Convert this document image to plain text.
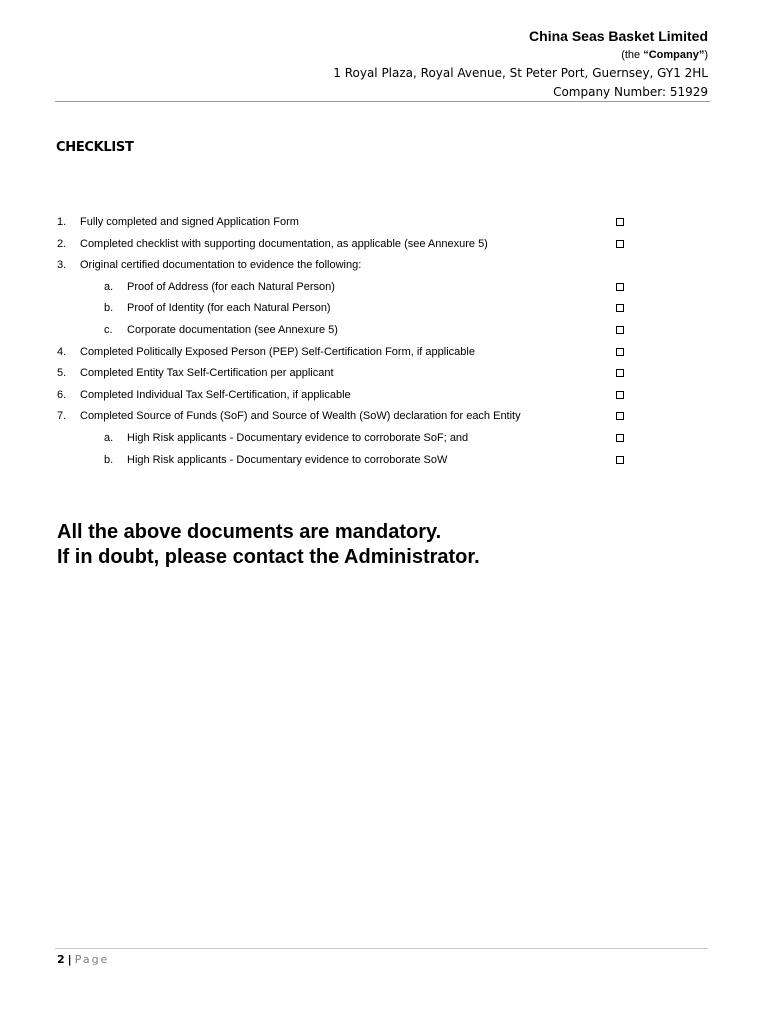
China Seas Basket Limited
(the “Company”)
1 Royal Plaza, Royal Avenue, St Peter Port, Guernsey, GY1 2HL
Company Number: 51929
CHECKLIST
1. Fully completed and signed Application Form
2. Completed checklist with supporting documentation, as applicable (see Annexure 5)
3. Original certified documentation to evidence the following:
a. Proof of Address (for each Natural Person)
b. Proof of Identity (for each Natural Person)
c. Corporate documentation (see Annexure 5)
4. Completed Politically Exposed Person (PEP) Self-Certification Form, if applicable
5. Completed Entity Tax Self-Certification per applicant
6. Completed Individual Tax Self-Certification, if applicable
7. Completed Source of Funds (SoF) and Source of Wealth (SoW) declaration for each Entity
a. High Risk applicants - Documentary evidence to corroborate SoF; and
b. High Risk applicants - Documentary evidence to corroborate SoW
All the above documents are mandatory.
If in doubt, please contact the Administrator.
2 | Page
